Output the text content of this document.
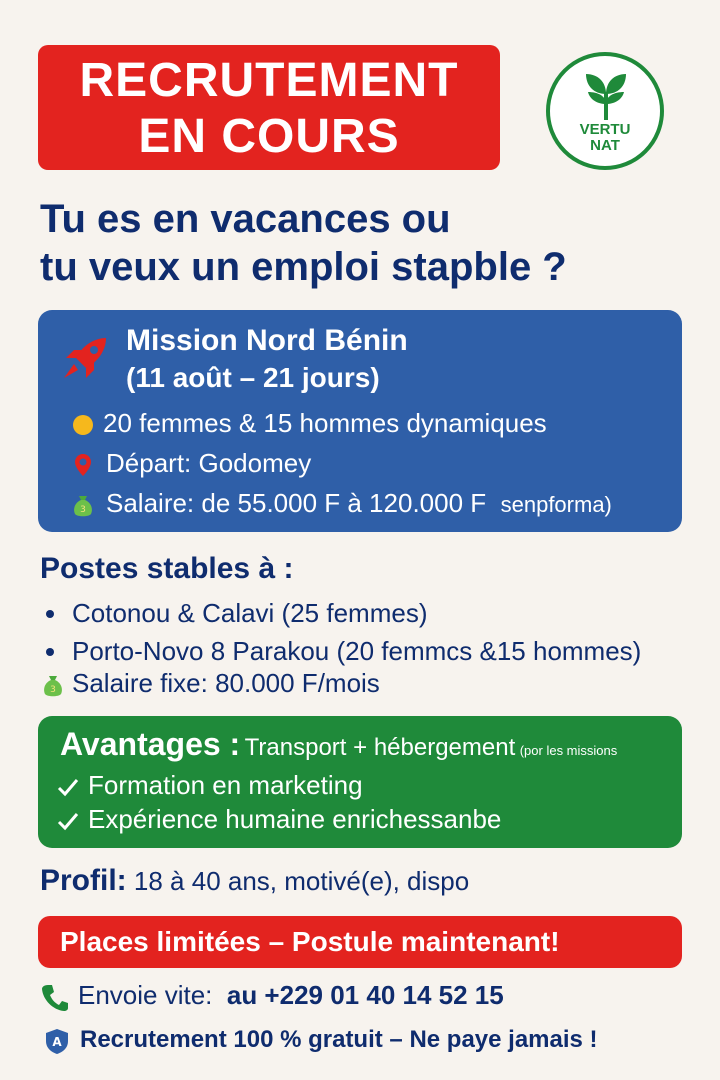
RECRUTEMENT
EN COURS	VERTU
NAT
Tu es en vacances ou
tu veux un emploi stapble ?
Mission Nord Bénin
(11 août – 21 jours)
20 femmes & 15 hommes dynamiques
Départ: Godomey
3 Salaire: de 55.000 F à 120.000 F senpforma)
Postes stables à :
Cotonou & Calavi (25 femmes)
Porto-Novo 8 Parakou (20 femmcs &15 hommes)
3 Salaire fixe: 80.000 F/mois
Avantages : Transport + hébergement (por les missions
Formation en marketing
Expérience humaine enrichessanbe
Profil: 18 à 40 ans, motivé(e), dispo
Places limitées – Postule maintenant!
Envoie vite: au +229 01 40 14 52 15
A Recrutement 100 % gratuit – Ne paye jamais !
